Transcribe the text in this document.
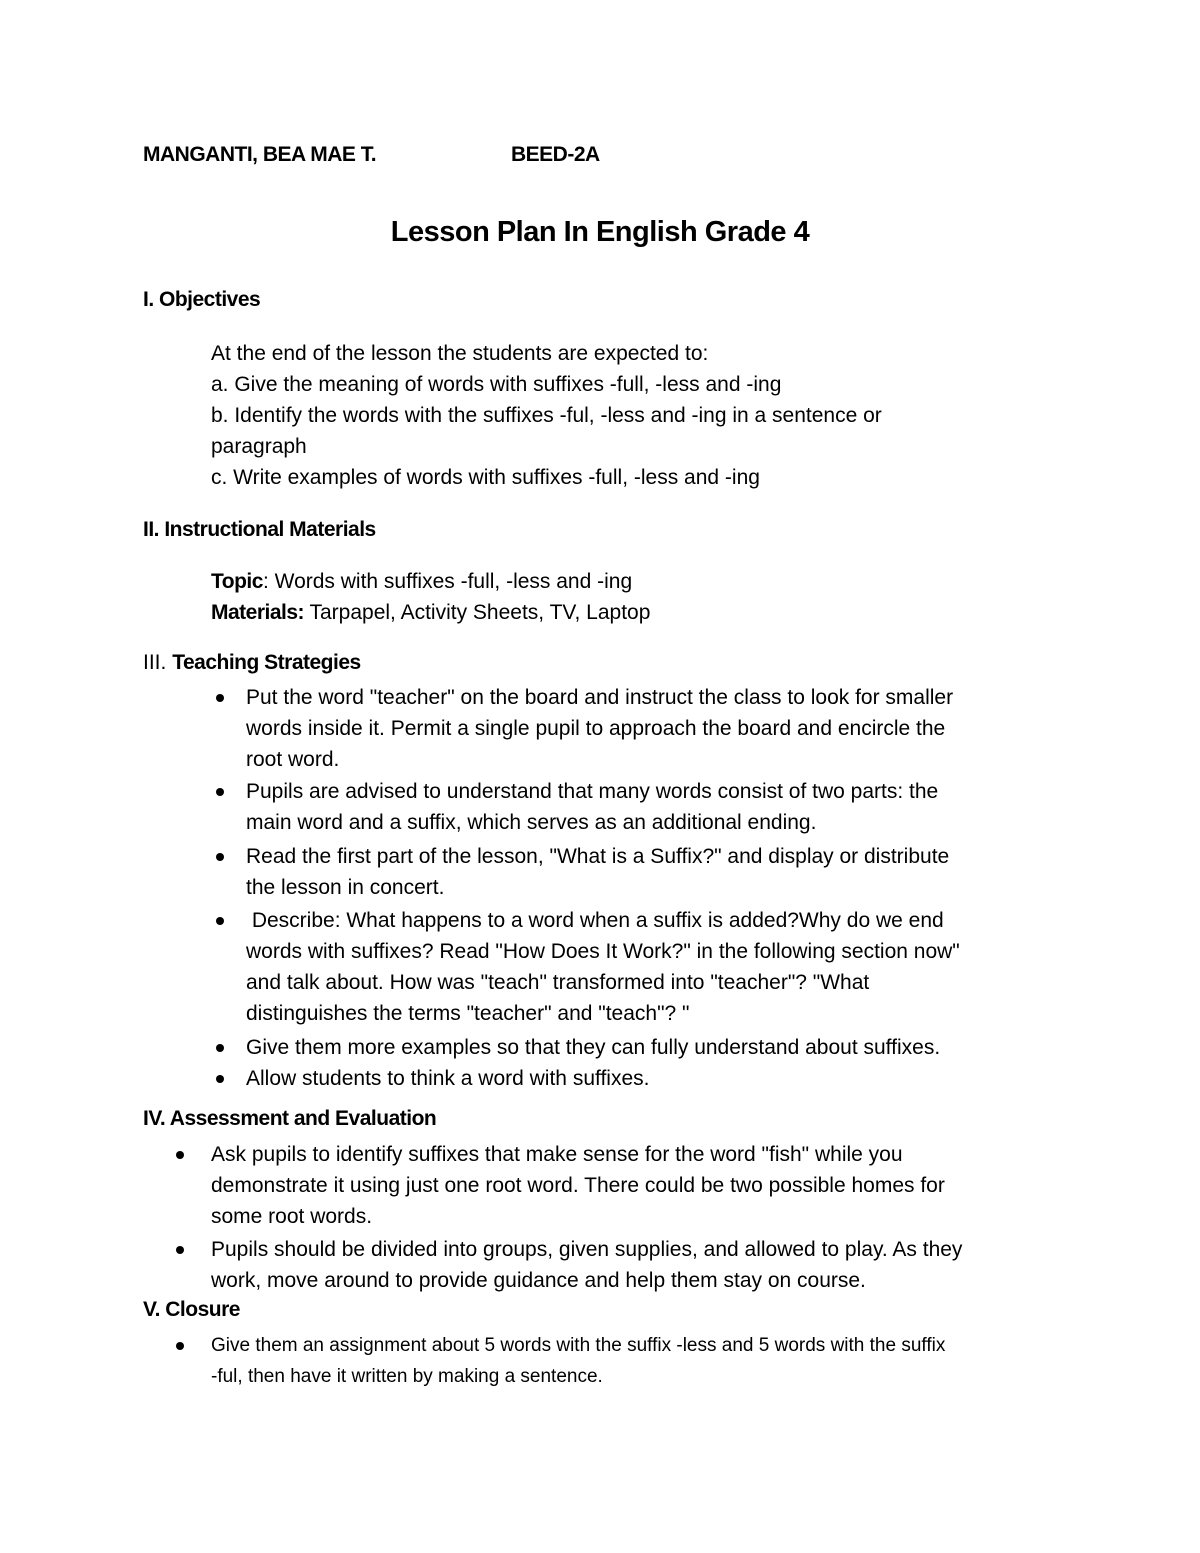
MANGANTI, BEA MAE T.	BEED-2A
Lesson Plan In English Grade 4
I. Objectives
At the end of the lesson the students are expected to:
a. Give the meaning of words with suffixes -full, -less and -ing
b. Identify the words with the suffixes -ful, -less and -ing in a sentence or
paragraph
c. Write examples of words with suffixes -full, -less and -ing
II. Instructional Materials
Topic: Words with suffixes -full, -less and -ing
Materials: Tarpapel, Activity Sheets, TV, Laptop
III. Teaching Strategies
Put the word "teacher" on the board and instruct the class to look for smaller
words inside it. Permit a single pupil to approach the board and encircle the
root word.
Pupils are advised to understand that many words consist of two parts: the
main word and a suffix, which serves as an additional ending.
Read the first part of the lesson, "What is a Suffix?" and display or distribute
the lesson in concert.
Describe: What happens to a word when a suffix is added?Why do we end
words with suffixes? Read "How Does It Work?" in the following section now"
and talk about. How was "teach" transformed into "teacher"? "What
distinguishes the terms "teacher" and "teach"? "
Give them more examples so that they can fully understand about suffixes.
Allow students to think a word with suffixes.
IV. Assessment and Evaluation
Ask pupils to identify suffixes that make sense for the word "fish" while you
demonstrate it using just one root word. There could be two possible homes for
some root words.
Pupils should be divided into groups, given supplies, and allowed to play. As they
work, move around to provide guidance and help them stay on course.
V. Closure
Give them an assignment about 5 words with the suffix -less and 5 words with the suffix
-ful, then have it written by making a sentence.
